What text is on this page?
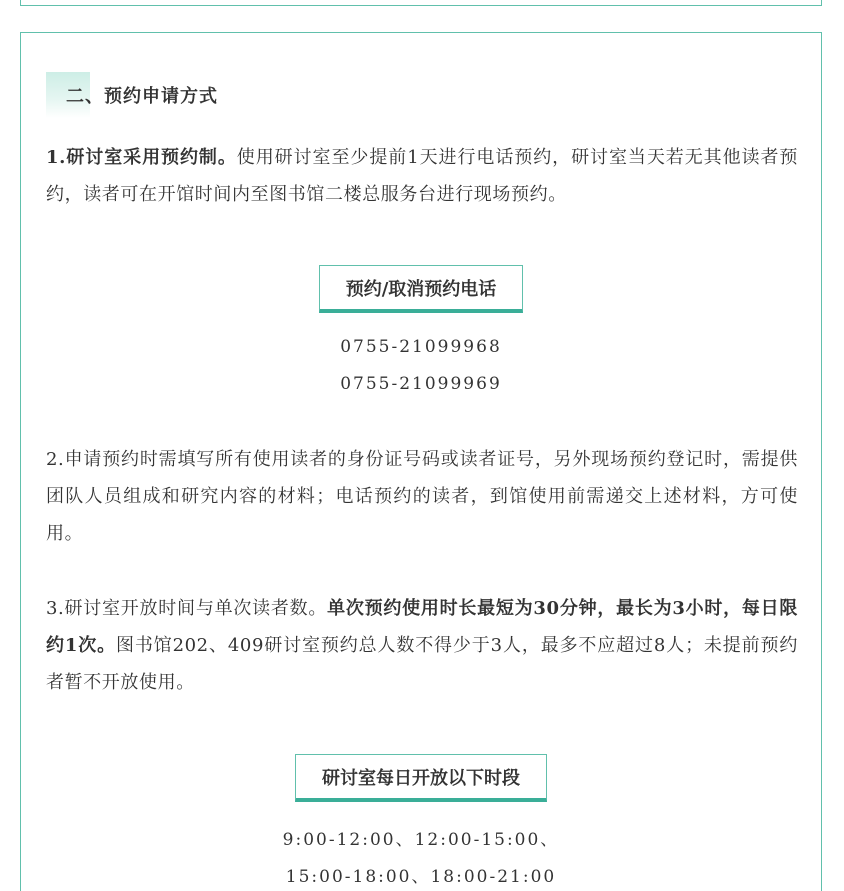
二、预约申请方式

1.研讨室采用预约制。使用研讨室至少提前1天进行电话预约，研讨室当天若无其他读者预约，读者可在开馆时间内至图书馆二楼总服务台进行现场预约。

预约/取消预约电话
0755-21099968
0755-21099969

2.申请预约时需填写所有使用读者的身份证号码或读者证号，另外现场预约登记时，需提供团队人员组成和研究内容的材料；电话预约的读者，到馆使用前需递交上述材料，方可使用。

3.研讨室开放时间与单次读者数。单次预约使用时长最短为30分钟，最长为3小时，每日限约1次。图书馆202、409研讨室预约总人数不得少于3人，最多不应超过8人；未提前预约者暂不开放使用。

研讨室每日开放以下时段
9:00-12:00、12:00-15:00、
15:00-18:00、18:00-21:00
